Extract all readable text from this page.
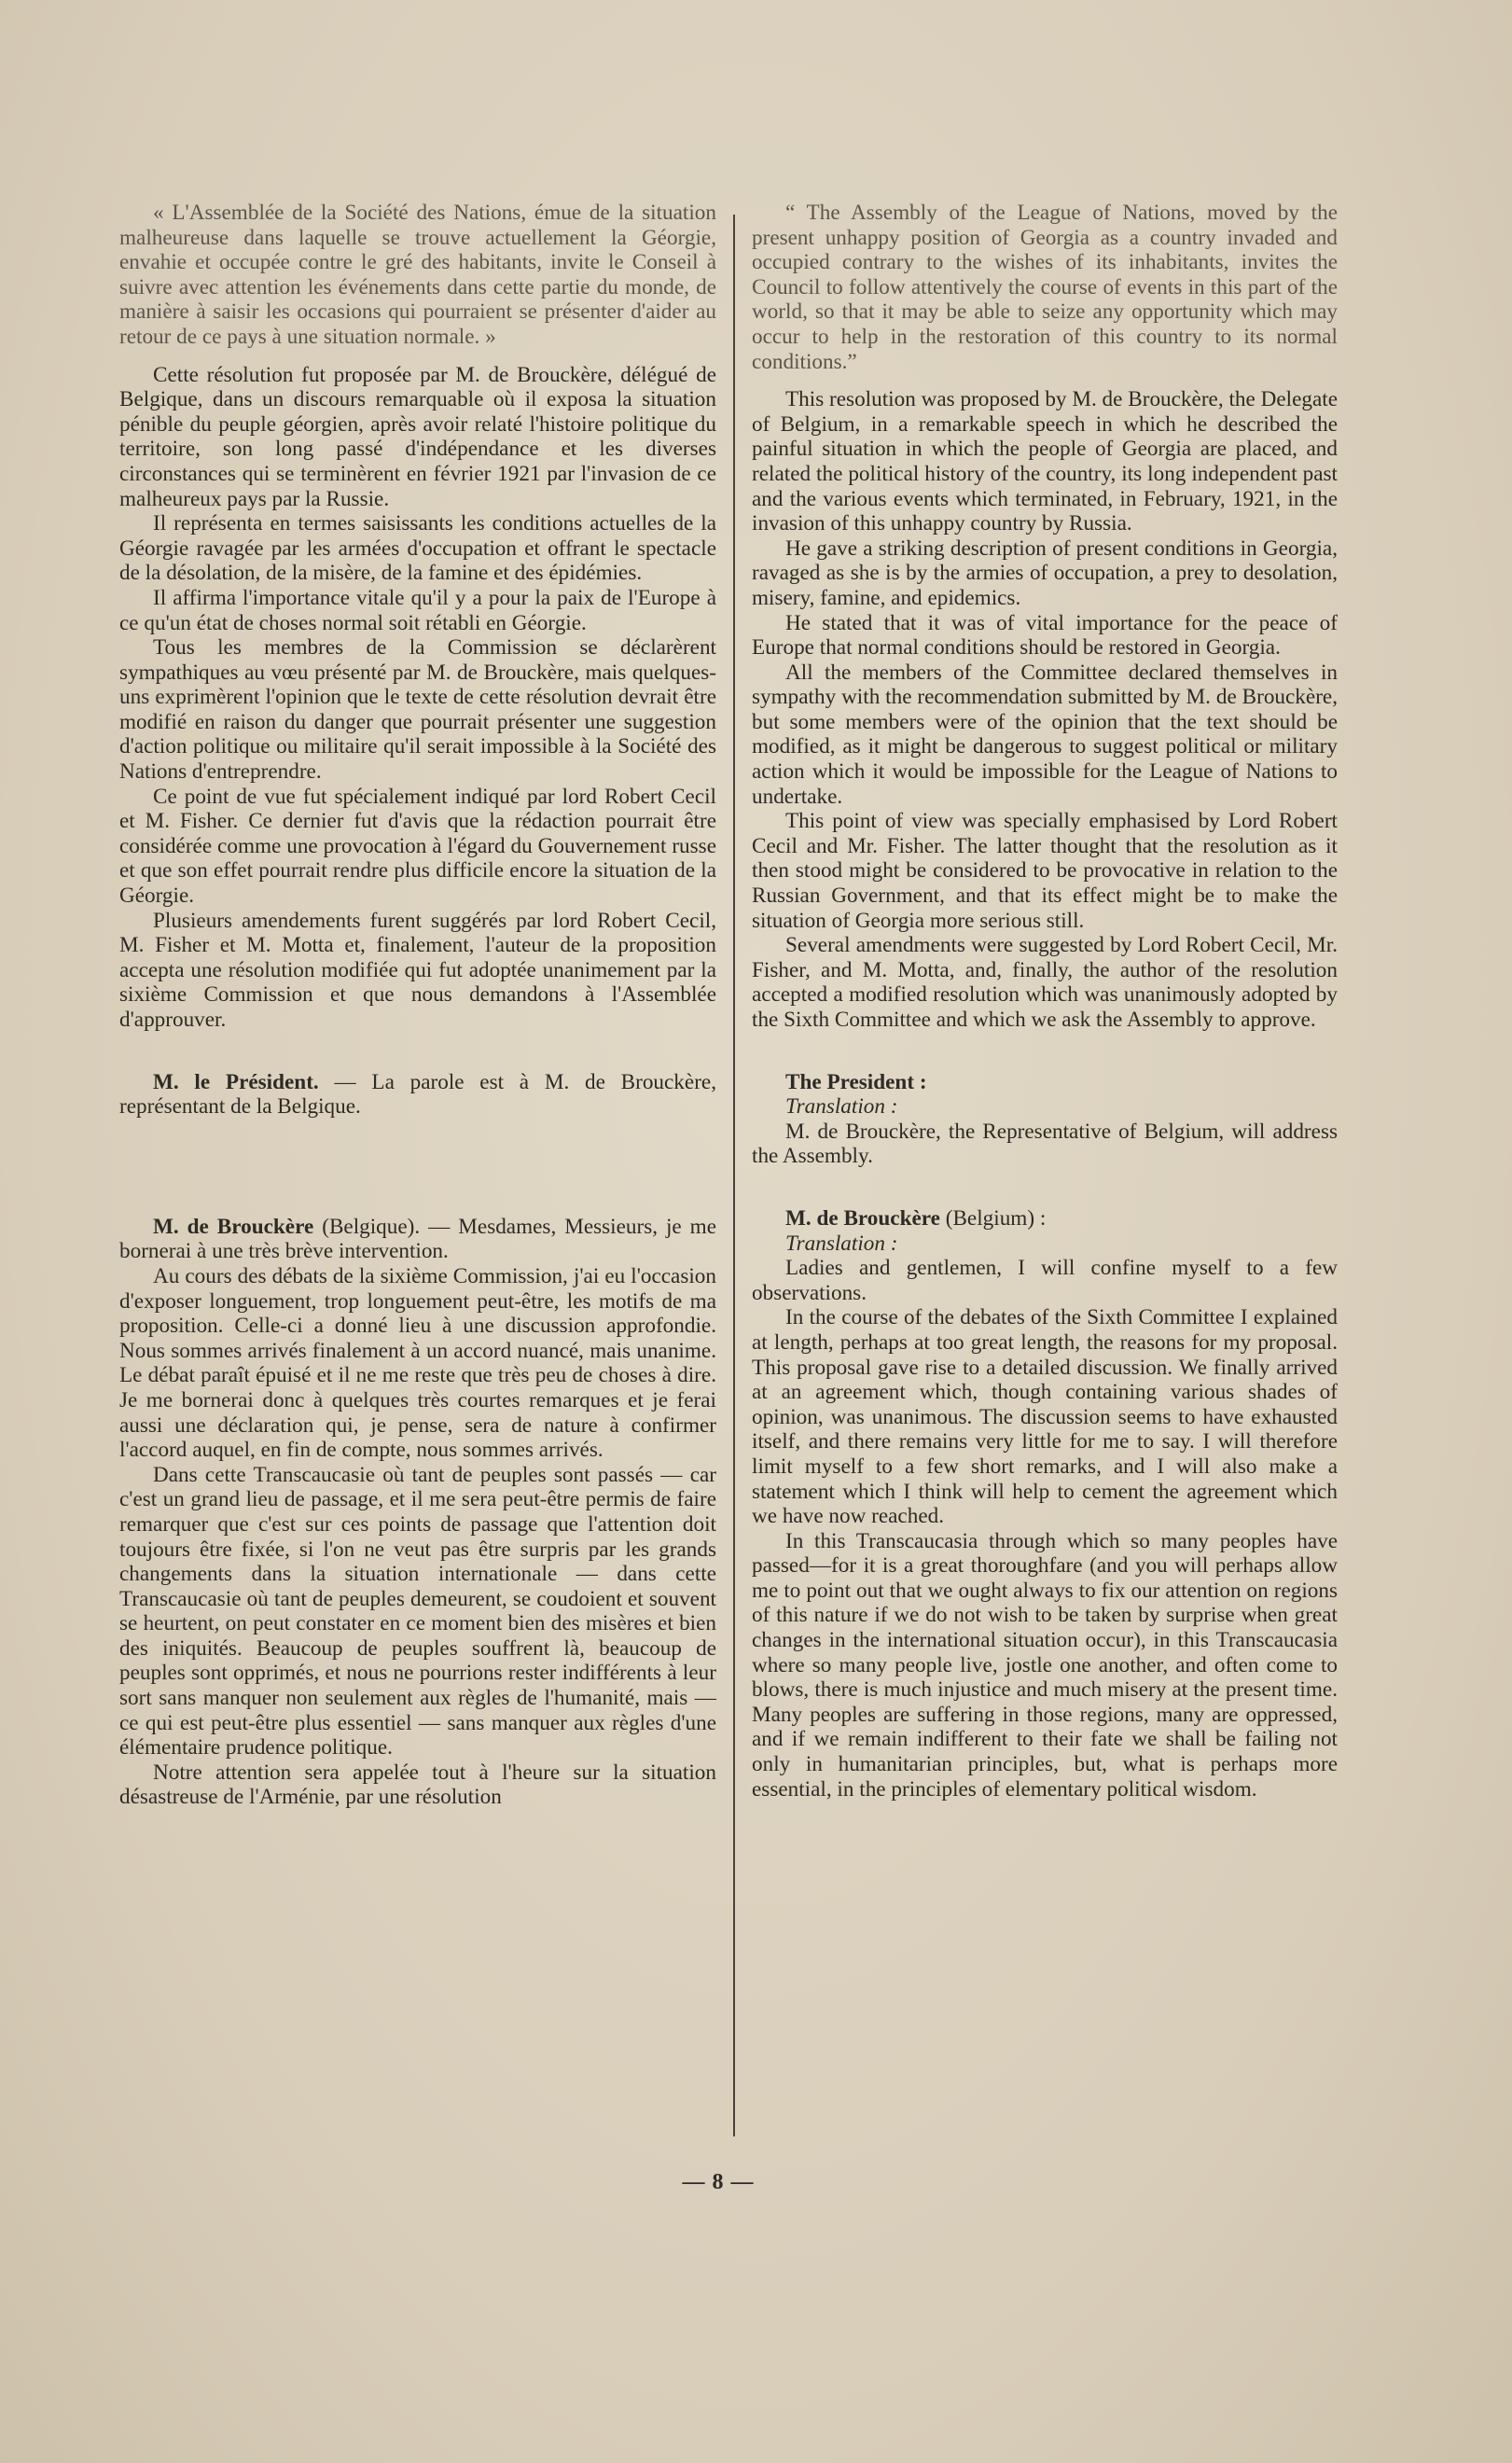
« L'Assemblée de la Société des Nations, émue de la situation malheureuse dans laquelle se trouve actuellement la Géorgie, envahie et occupée contre le gré des habitants, invite le Conseil à suivre avec attention les événements dans cette partie du monde, de manière à saisir les occasions qui pourraient se présenter d'aider au retour de ce pays à une situation normale. »

Cette résolution fut proposée par M. de Brouckère, délégué de Belgique, dans un discours remarquable où il exposa la situation pénible du peuple géorgien, après avoir relaté l'histoire politique du territoire, son long passé d'indépendance et les diverses circonstances qui se terminèrent en février 1921 par l'invasion de ce malheureux pays par la Russie.

Il représenta en termes saisissants les conditions actuelles de la Géorgie ravagée par les armées d'occupation et offrant le spectacle de la désolation, de la misère, de la famine et des épidémies.

Il affirma l'importance vitale qu'il y a pour la paix de l'Europe à ce qu'un état de choses normal soit rétabli en Géorgie.

Tous les membres de la Commission se déclarèrent sympathiques au vœu présenté par M. de Brouckère, mais quelques-uns exprimèrent l'opinion que le texte de cette résolution devrait être modifié en raison du danger que pourrait présenter une suggestion d'action politique ou militaire qu'il serait impossible à la Société des Nations d'entreprendre.

Ce point de vue fut spécialement indiqué par lord Robert Cecil et M. Fisher. Ce dernier fut d'avis que la rédaction pourrait être considérée comme une provocation à l'égard du Gouvernement russe et que son effet pourrait rendre plus difficile encore la situation de la Géorgie.

Plusieurs amendements furent suggérés par lord Robert Cecil, M. Fisher et M. Motta et, finalement, l'auteur de la proposition accepta une résolution modifiée qui fut adoptée unanimement par la sixième Commission et que nous demandons à l'Assemblée d'approuver.

M. le Président. — La parole est à M. de Brouckère, représentant de la Belgique.

M. de Brouckère (Belgique). — Mesdames, Messieurs, je me bornerai à une très brève intervention.

Au cours des débats de la sixième Commission, j'ai eu l'occasion d'exposer longuement, trop longuement peut-être, les motifs de ma proposition. Celle-ci a donné lieu à une discussion approfondie. Nous sommes arrivés finalement à un accord nuancé, mais unanime. Le débat paraît épuisé et il ne me reste que très peu de choses à dire. Je me bornerai donc à quelques très courtes remarques et je ferai aussi une déclaration qui, je pense, sera de nature à confirmer l'accord auquel, en fin de compte, nous sommes arrivés.

Dans cette Transcaucasie où tant de peuples sont passés — car c'est un grand lieu de passage, et il me sera peut-être permis de faire remarquer que c'est sur ces points de passage que l'attention doit toujours être fixée, si l'on ne veut pas être surpris par les grands changements dans la situation internationale — dans cette Transcaucasie où tant de peuples demeurent, se coudoient et souvent se heurtent, on peut constater en ce moment bien des misères et bien des iniquités. Beaucoup de peuples souffrent là, beaucoup de peuples sont opprimés, et nous ne pourrions rester indifférents à leur sort sans manquer non seulement aux règles de l'humanité, mais — ce qui est peut-être plus essentiel — sans manquer aux règles d'une élémentaire prudence politique.

Notre attention sera appelée tout à l'heure sur la situation désastreuse de l'Arménie, par une résolution

“ The Assembly of the League of Nations, moved by the present unhappy position of Georgia as a country invaded and occupied contrary to the wishes of its inhabitants, invites the Council to follow attentively the course of events in this part of the world, so that it may be able to seize any opportunity which may occur to help in the restoration of this country to its normal conditions.”

This resolution was proposed by M. de Brouckère, the Delegate of Belgium, in a remarkable speech in which he described the painful situation in which the people of Georgia are placed, and related the political history of the country, its long independent past and the various events which terminated, in February, 1921, in the invasion of this unhappy country by Russia.

He gave a striking description of present conditions in Georgia, ravaged as she is by the armies of occupation, a prey to desolation, misery, famine, and epidemics.

He stated that it was of vital importance for the peace of Europe that normal conditions should be restored in Georgia.

All the members of the Committee declared themselves in sympathy with the recommendation submitted by M. de Brouckère, but some members were of the opinion that the text should be modified, as it might be dangerous to suggest political or military action which it would be impossible for the League of Nations to undertake.

This point of view was specially emphasised by Lord Robert Cecil and Mr. Fisher. The latter thought that the resolution as it then stood might be considered to be provocative in relation to the Russian Government, and that its effect might be to make the situation of Georgia more serious still.

Several amendments were suggested by Lord Robert Cecil, Mr. Fisher, and M. Motta, and, finally, the author of the resolution accepted a modified resolution which was unanimously adopted by the Sixth Committee and which we ask the Assembly to approve.

The President :

Translation :

M. de Brouckère, the Representative of Belgium, will address the Assembly.

M. de Brouckère (Belgium) :

Translation :

Ladies and gentlemen, I will confine myself to a few observations.

In the course of the debates of the Sixth Committee I explained at length, perhaps at too great length, the reasons for my proposal. This proposal gave rise to a detailed discussion. We finally arrived at an agreement which, though containing various shades of opinion, was unanimous. The discussion seems to have exhausted itself, and there remains very little for me to say. I will therefore limit myself to a few short remarks, and I will also make a statement which I think will help to cement the agreement which we have now reached.

In this Transcaucasia through which so many peoples have passed—for it is a great thoroughfare (and you will perhaps allow me to point out that we ought always to fix our attention on regions of this nature if we do not wish to be taken by surprise when great changes in the international situation occur), in this Transcaucasia where so many people live, jostle one another, and often come to blows, there is much injustice and much misery at the present time. Many peoples are suffering in those regions, many are oppressed, and if we remain indifferent to their fate we shall be failing not only in humanitarian principles, but, what is perhaps more essential, in the principles of elementary political wisdom.

— 8 —
